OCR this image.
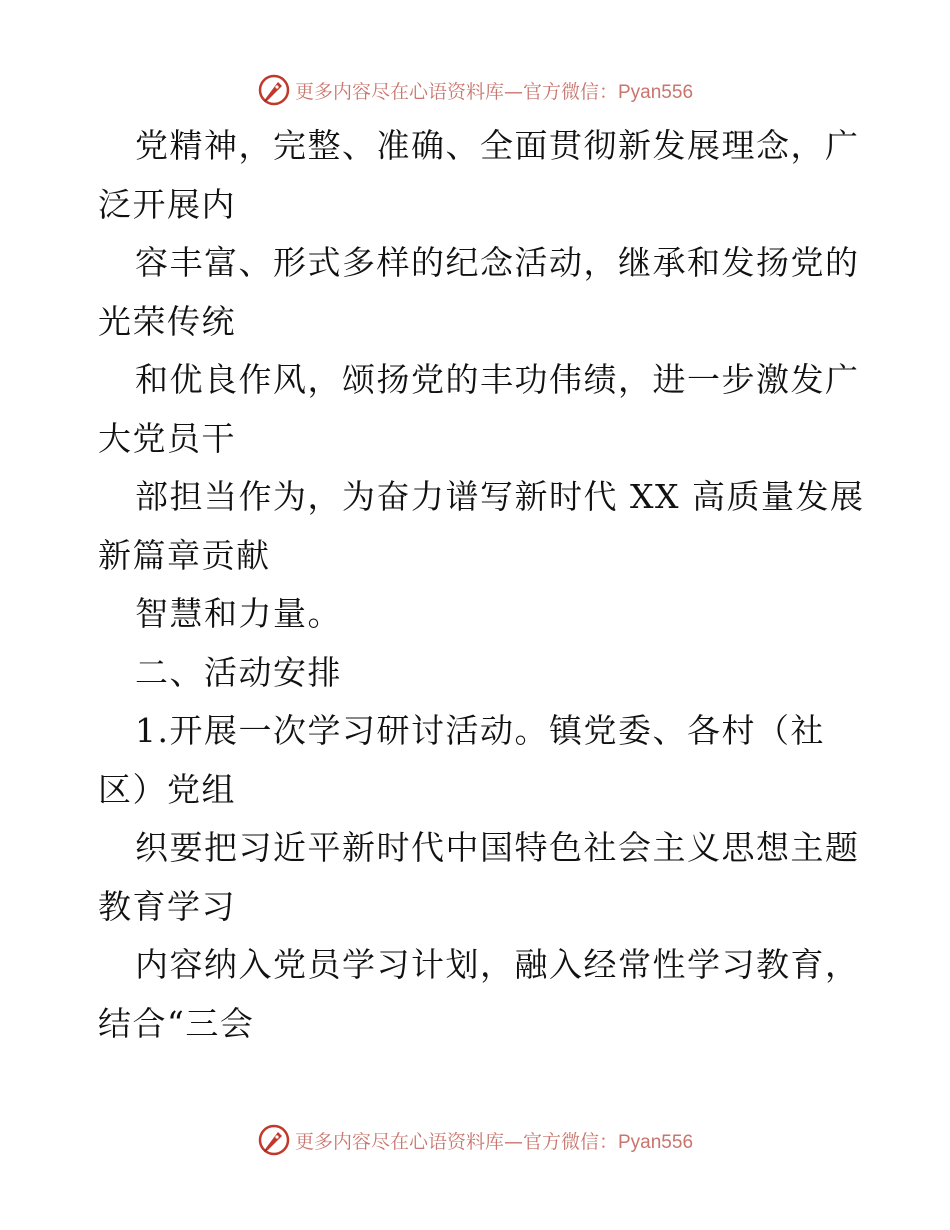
更多内容尽在心语资料库—官方微信：Pyan556
党精神，完整、准确、全面贯彻新发展理念，广
泛开展内
容丰富、形式多样的纪念活动，继承和发扬党的
光荣传统
和优良作风，颂扬党的丰功伟绩，进一步激发广
大党员干
部担当作为，为奋力谱写新时代 XX 高质量发展
新篇章贡献
智慧和力量。
二、活动安排
1.开展一次学习研讨活动。镇党委、各村（社
区）党组
织要把习近平新时代中国特色社会主义思想主题
教育学习
内容纳入党员学习计划，融入经常性学习教育，
结合“三会
更多内容尽在心语资料库—官方微信：Pyan556
